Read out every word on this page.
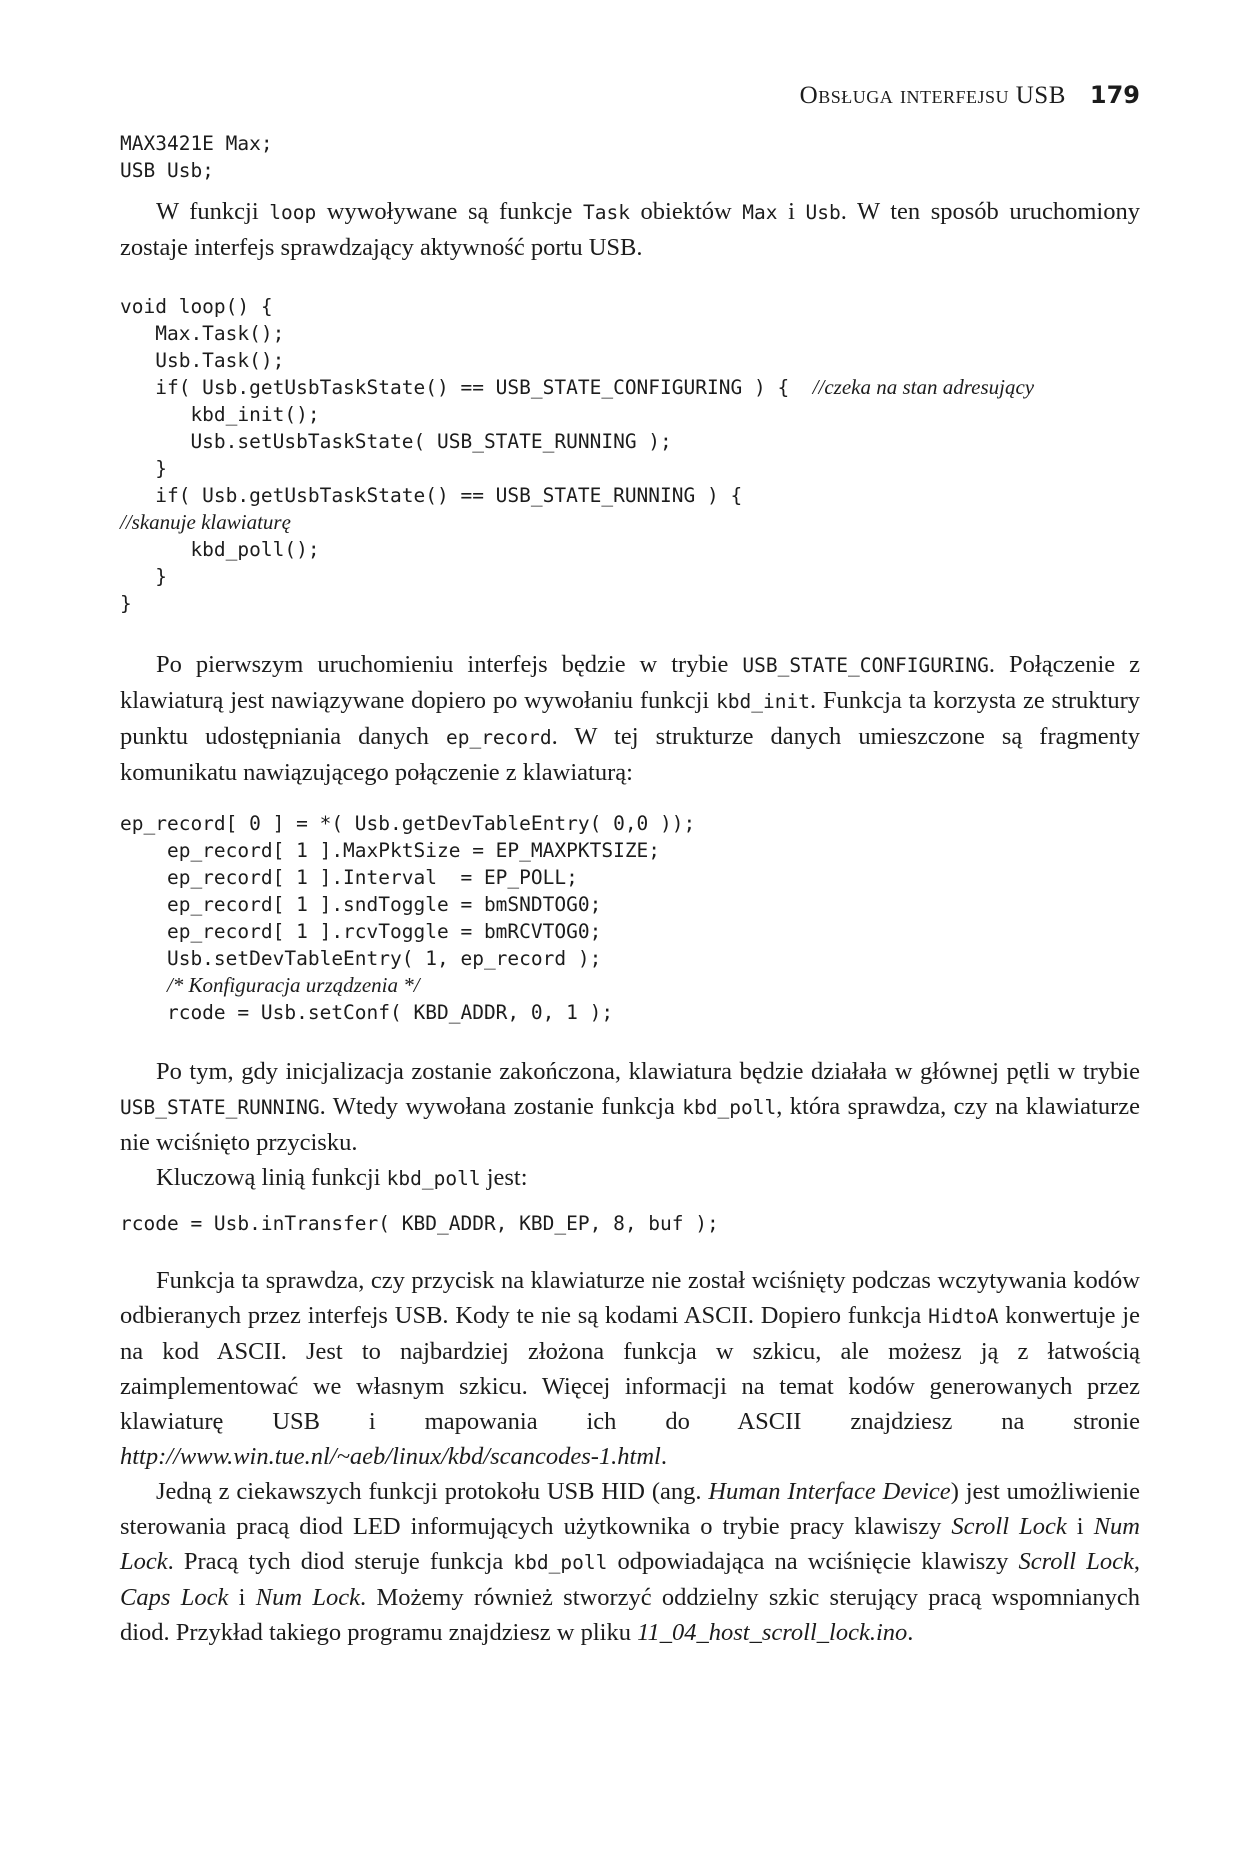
Obsługa interfejsu USB 179
MAX3421E Max;
USB Usb;

W funkcji loop wywoływane są funkcje Task obiektów Max i Usb. W ten sposób uruchomiony zostaje interfejs sprawdzający aktywność portu USB.

void loop() {
Max.Task();
Usb.Task();
if( Usb.getUsbTaskState() == USB_STATE_CONFIGURING ) {  //czeka na stan adresujący
kbd_init();
Usb.setUsbTaskState( USB_STATE_RUNNING );
}
if( Usb.getUsbTaskState() == USB_STATE_RUNNING ) {
//skanuje klawiaturę
kbd_poll();
}
}

Po pierwszym uruchomieniu interfejs będzie w trybie USB_STATE_CONFIGURING. Połączenie z klawiaturą jest nawiązywane dopiero po wywołaniu funkcji kbd_init. Funkcja ta korzysta ze struktury punktu udostępniania danych ep_record. W tej strukturze danych umieszczone są fragmenty komunikatu nawiązującego połączenie z klawiaturą:

ep_record[ 0 ] = *( Usb.getDevTableEntry( 0,0 ));
ep_record[ 1 ].MaxPktSize = EP_MAXPKTSIZE;
ep_record[ 1 ].Interval  = EP_POLL;
ep_record[ 1 ].sndToggle = bmSNDTOG0;
ep_record[ 1 ].rcvToggle = bmRCVTOG0;
Usb.setDevTableEntry( 1, ep_record );
/* Konfiguracja urządzenia */
rcode = Usb.setConf( KBD_ADDR, 0, 1 );

Po tym, gdy inicjalizacja zostanie zakończona, klawiatura będzie działała w głównej pętli w trybie USB_STATE_RUNNING. Wtedy wywołana zostanie funkcja kbd_poll, która sprawdza, czy na klawiaturze nie wciśnięto przycisku.

Kluczową linią funkcji kbd_poll jest:

rcode = Usb.inTransfer( KBD_ADDR, KBD_EP, 8, buf );

Funkcja ta sprawdza, czy przycisk na klawiaturze nie został wciśnięty podczas wczytywania kodów odbieranych przez interfejs USB. Kody te nie są kodami ASCII. Dopiero funkcja HidtoA konwertuje je na kod ASCII. Jest to najbardziej złożona funkcja w szkicu, ale możesz ją z łatwością zaimplementować we własnym szkicu. Więcej informacji na temat kodów generowanych przez klawiaturę USB i mapowania ich do ASCII znajdziesz na stronie http://www.win.tue.nl/~aeb/linux/kbd/scancodes-1.html.

Jedną z ciekawszych funkcji protokołu USB HID (ang. Human Interface Device) jest umożliwienie sterowania pracą diod LED informujących użytkownika o trybie pracy klawiszy Scroll Lock i Num Lock. Pracą tych diod steruje funkcja kbd_poll odpowiadająca na wciśnięcie klawiszy Scroll Lock, Caps Lock i Num Lock. Możemy również stworzyć oddzielny szkic sterujący pracą wspomnianych diod. Przykład takiego programu znajdziesz w pliku 11_04_host_scroll_lock.ino.
